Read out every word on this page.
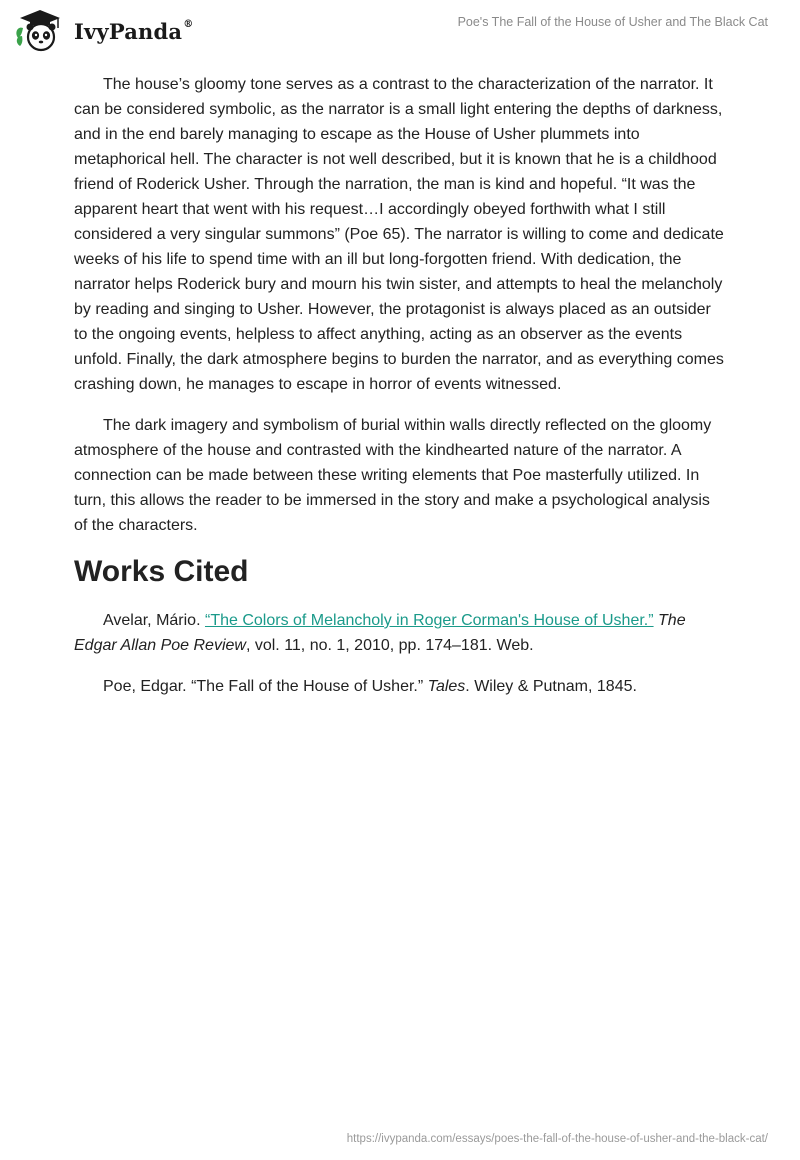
IvyPanda®	Poe's The Fall of the House of Usher and The Black Cat

The house’s gloomy tone serves as a contrast to the characterization of the narrator. It can be considered symbolic, as the narrator is a small light entering the depths of darkness, and in the end barely managing to escape as the House of Usher plummets into metaphorical hell. The character is not well described, but it is known that he is a childhood friend of Roderick Usher. Through the narration, the man is kind and hopeful. “It was the apparent heart that went with his request…I accordingly obeyed forthwith what I still considered a very singular summons” (Poe 65). The narrator is willing to come and dedicate weeks of his life to spend time with an ill but long-forgotten friend. With dedication, the narrator helps Roderick bury and mourn his twin sister, and attempts to heal the melancholy by reading and singing to Usher. However, the protagonist is always placed as an outsider to the ongoing events, helpless to affect anything, acting as an observer as the events unfold. Finally, the dark atmosphere begins to burden the narrator, and as everything comes crashing down, he manages to escape in horror of events witnessed.

The dark imagery and symbolism of burial within walls directly reflected on the gloomy atmosphere of the house and contrasted with the kindhearted nature of the narrator. A connection can be made between these writing elements that Poe masterfully utilized. In turn, this allows the reader to be immersed in the story and make a psychological analysis of the characters.

Works Cited

Avelar, Mário. “The Colors of Melancholy in Roger Corman's House of Usher.” The Edgar Allan Poe Review, vol. 11, no. 1, 2010, pp. 174–181. Web.

Poe, Edgar. “The Fall of the House of Usher.” Tales. Wiley & Putnam, 1845.

https://ivypanda.com/essays/poes-the-fall-of-the-house-of-usher-and-the-black-cat/
